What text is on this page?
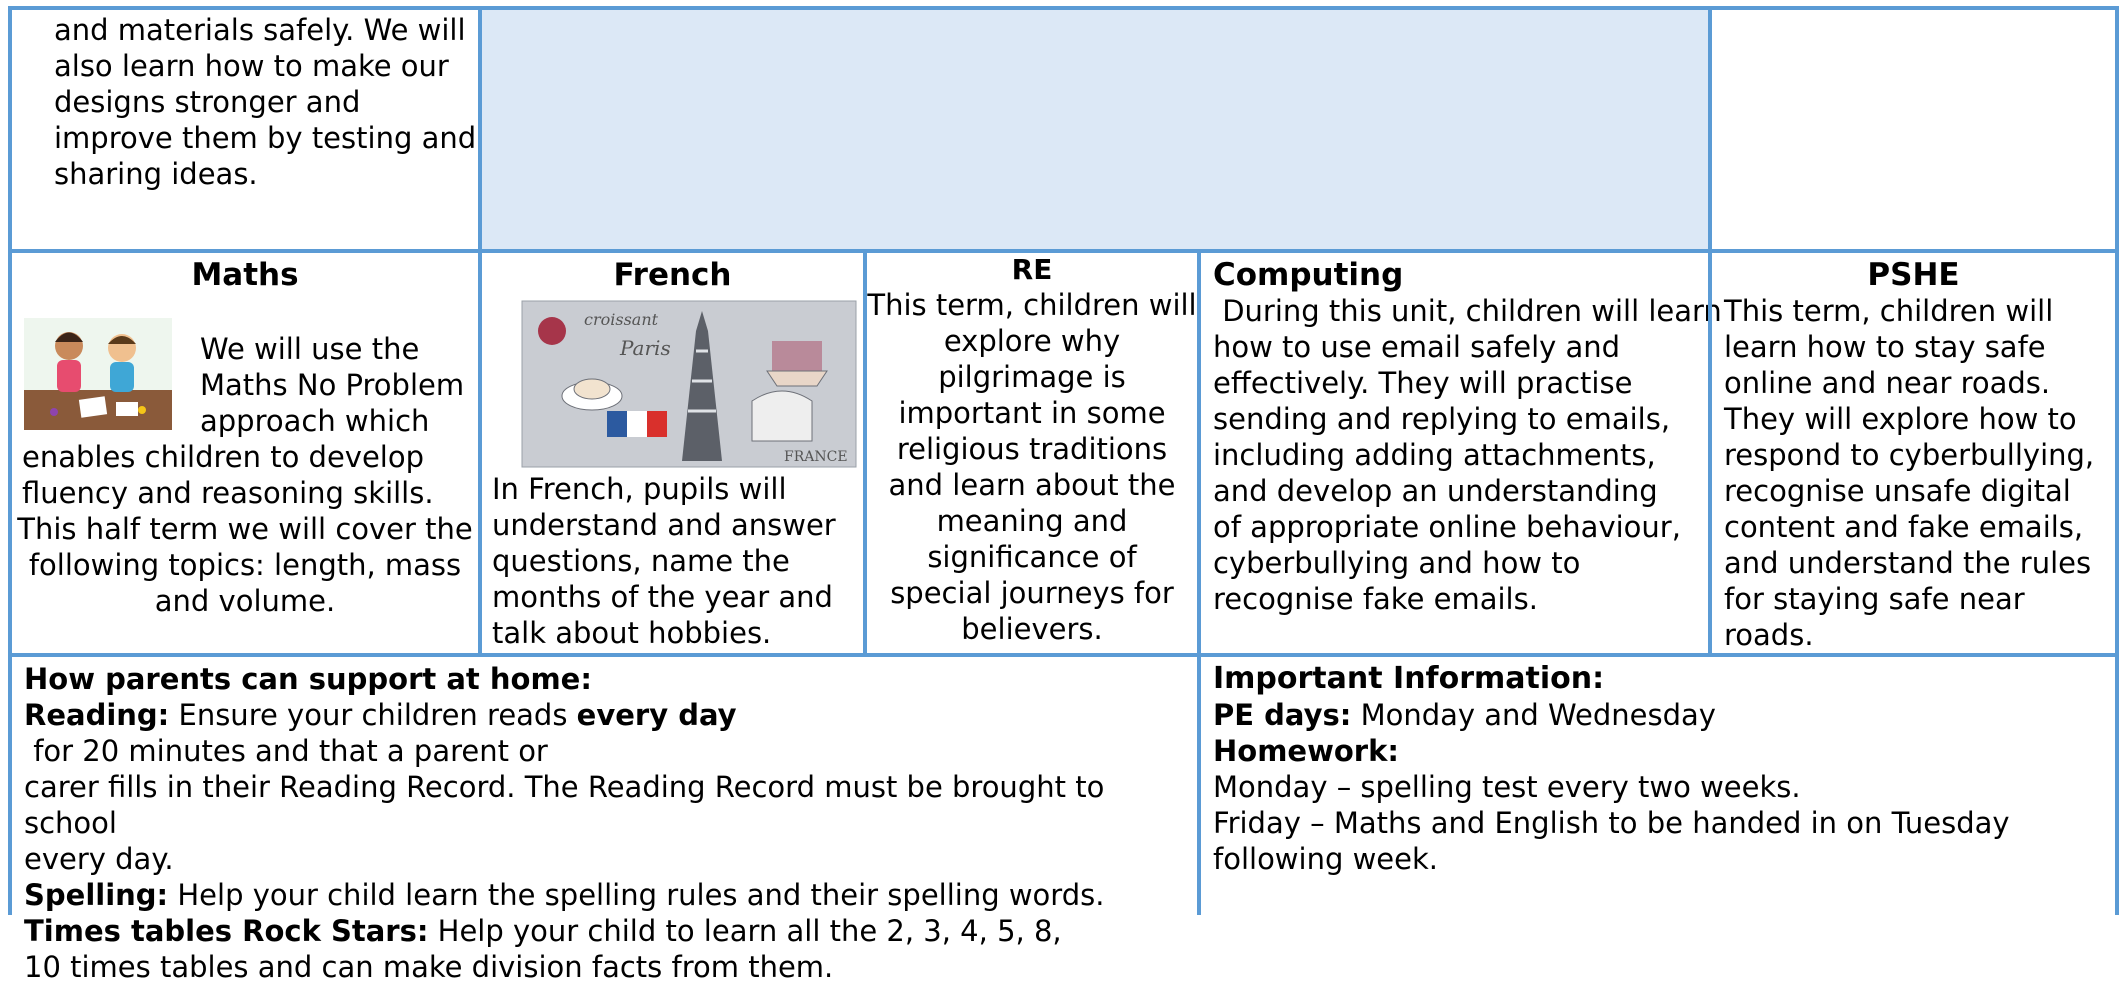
and materials safely. We will

also learn how to make our

designs stronger and

improve them by testing and

sharing ideas.

Maths

We will use the

Maths No Problem

approach which

enables children to develop

fluency and reasoning skills.

This half term we will cover the

following topics: length, mass

and volume.

French
Paris
croissant
FRANCE

In French, pupils will

understand and answer

questions, name the

months of the year and

talk about hobbies.

RE

This term, children will

explore why

pilgrimage is

important in some

religious traditions

and learn about the

meaning and

significance of

special journeys for

believers.

Computing

During this unit, children will learn

how to use email safely and

effectively. They will practise

sending and replying to emails,

including adding attachments,

and develop an understanding

of appropriate online behaviour,

cyberbullying and how to

recognise fake emails.

PSHE

This term, children will

learn how to stay safe

online and near roads.

They will explore how to

respond to cyberbullying,

recognise unsafe digital

content and fake emails,

and understand the rules

for staying safe near

roads.

How parents can support at home:

Reading: Ensure your children reads every day for 20 minutes and that a parent or

carer fills in their Reading Record. The Reading Record must be brought to school

every day.

Spelling: Help your child learn the spelling rules and their spelling words.

Times tables Rock Stars: Help your child to learn all the 2, 3, 4, 5, 8,

10 times tables and can make division facts from them.

Important Information:

PE days: Monday and Wednesday

Homework:

Monday – spelling test every two weeks.

Friday – Maths and English to be handed in on Tuesday

following week.
